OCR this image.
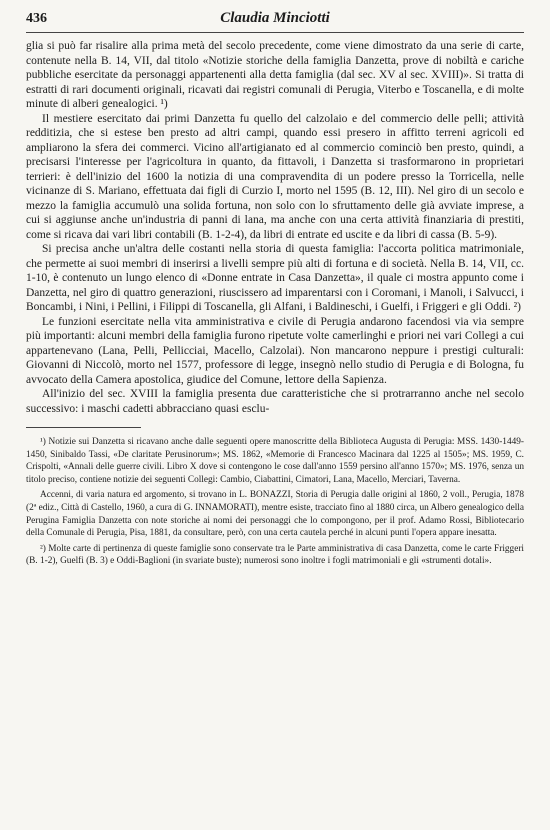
436	Claudia Minciotti

glia si può far risalire alla prima metà del secolo precedente, come viene dimostrato da una serie di carte, contenute nella B. 14, VII, dal titolo «Notizie storiche della famiglia Danzetta, prove di nobiltà e cariche pubbliche esercitate da personaggi appartenenti alla detta famiglia (dal sec. XV al sec. XVIII)». Si tratta di estratti di rari documenti originali, ricavati dai registri comunali di Perugia, Viterbo e Toscanella, e di molte minute di alberi genealogici. ¹)

Il mestiere esercitato dai primi Danzetta fu quello del calzolaio e del commercio delle pelli; attività redditizia, che si estese ben presto ad altri campi, quando essi presero in affitto terreni agricoli ed ampliarono la sfera dei commerci. Vicino all'artigianato ed al commercio cominciò ben presto, quindi, a precisarsi l'interesse per l'agricoltura in quanto, da fittavoli, i Danzetta si trasformarono in proprietari terrieri: è dell'inizio del 1600 la notizia di una compravendita di un podere presso la Torricella, nelle vicinanze di S. Mariano, effettuata dai figli di Curzio I, morto nel 1595 (B. 12, III). Nel giro di un secolo e mezzo la famiglia accumulò una solida fortuna, non solo con lo sfruttamento delle già avviate imprese, a cui si aggiunse anche un'industria di panni di lana, ma anche con una certa attività finanziaria di prestiti, come si ricava dai vari libri contabili (B. 1-2-4), da libri di entrate ed uscite e da libri di cassa (B. 5-9).

Si precisa anche un'altra delle costanti nella storia di questa famiglia: l'accorta politica matrimoniale, che permette ai suoi membri di inserirsi a livelli sempre più alti di fortuna e di società. Nella B. 14, VII, cc. 1-10, è contenuto un lungo elenco di «Donne entrate in Casa Danzetta», il quale ci mostra appunto come i Danzetta, nel giro di quattro generazioni, riuscissero ad imparentarsi con i Coromani, i Manoli, i Salvucci, i Boncambi, i Nini, i Pellini, i Filippi di Toscanella, gli Alfani, i Baldineschi, i Guelfi, i Friggeri e gli Oddi. ²)

Le funzioni esercitate nella vita amministrativa e civile di Perugia andarono facendosi via via sempre più importanti: alcuni membri della famiglia furono ripetute volte camerlinghi e priori nei vari Collegi a cui appartenevano (Lana, Pelli, Pellicciai, Macello, Calzolai). Non mancarono neppure i prestigi culturali: Giovanni di Niccolò, morto nel 1577, professore di legge, insegnò nello studio di Perugia e di Bologna, fu avvocato della Camera apostolica, giudice del Comune, lettore della Sapienza.

All'inizio del sec. XVIII la famiglia presenta due caratteristiche che si protrarranno anche nel secolo successivo: i maschi cadetti abbracciano quasi esclu-

¹) Notizie sui Danzetta si ricavano anche dalle seguenti opere manoscritte della Biblioteca Augusta di Perugia: MSS. 1430-1449-1450, Sinibaldo Tassi, «De claritate Perusinorum»; MS. 1862, «Memorie di Francesco Macinara dal 1225 al 1505»; MS. 1959, C. Crispolti, «Annali delle guerre civili. Libro X dove si contengono le cose dall'anno 1559 persino all'anno 1570»; MS. 1976, senza un titolo preciso, contiene notizie dei seguenti Collegi: Cambio, Ciabattini, Cimatori, Lana, Macello, Merciari, Taverna.

Accenni, di varia natura ed argomento, si trovano in L. BONAZZI, Storia di Perugia dalle origini al 1860, 2 voll., Perugia, 1878 (2ª ediz., Città di Castello, 1960, a cura di G. INNAMORATI), mentre esiste, tracciato fino al 1880 circa, un Albero genealogico della Perugina Famiglia Danzetta con note storiche ai nomi dei personaggi che lo compongono, per il prof. Adamo Rossi, Bibliotecario della Comunale di Perugia, Pisa, 1881, da consultare, però, con una certa cautela perché in alcuni punti l'opera appare inesatta.

²) Molte carte di pertinenza di queste famiglie sono conservate tra le Parte amministrativa di casa Danzetta, come le carte Friggeri (B. 1-2), Guelfi (B. 3) e Oddi-Baglioni (in svariate buste); numerosi sono inoltre i fogli matrimoniali e gli «strumenti dotali».
